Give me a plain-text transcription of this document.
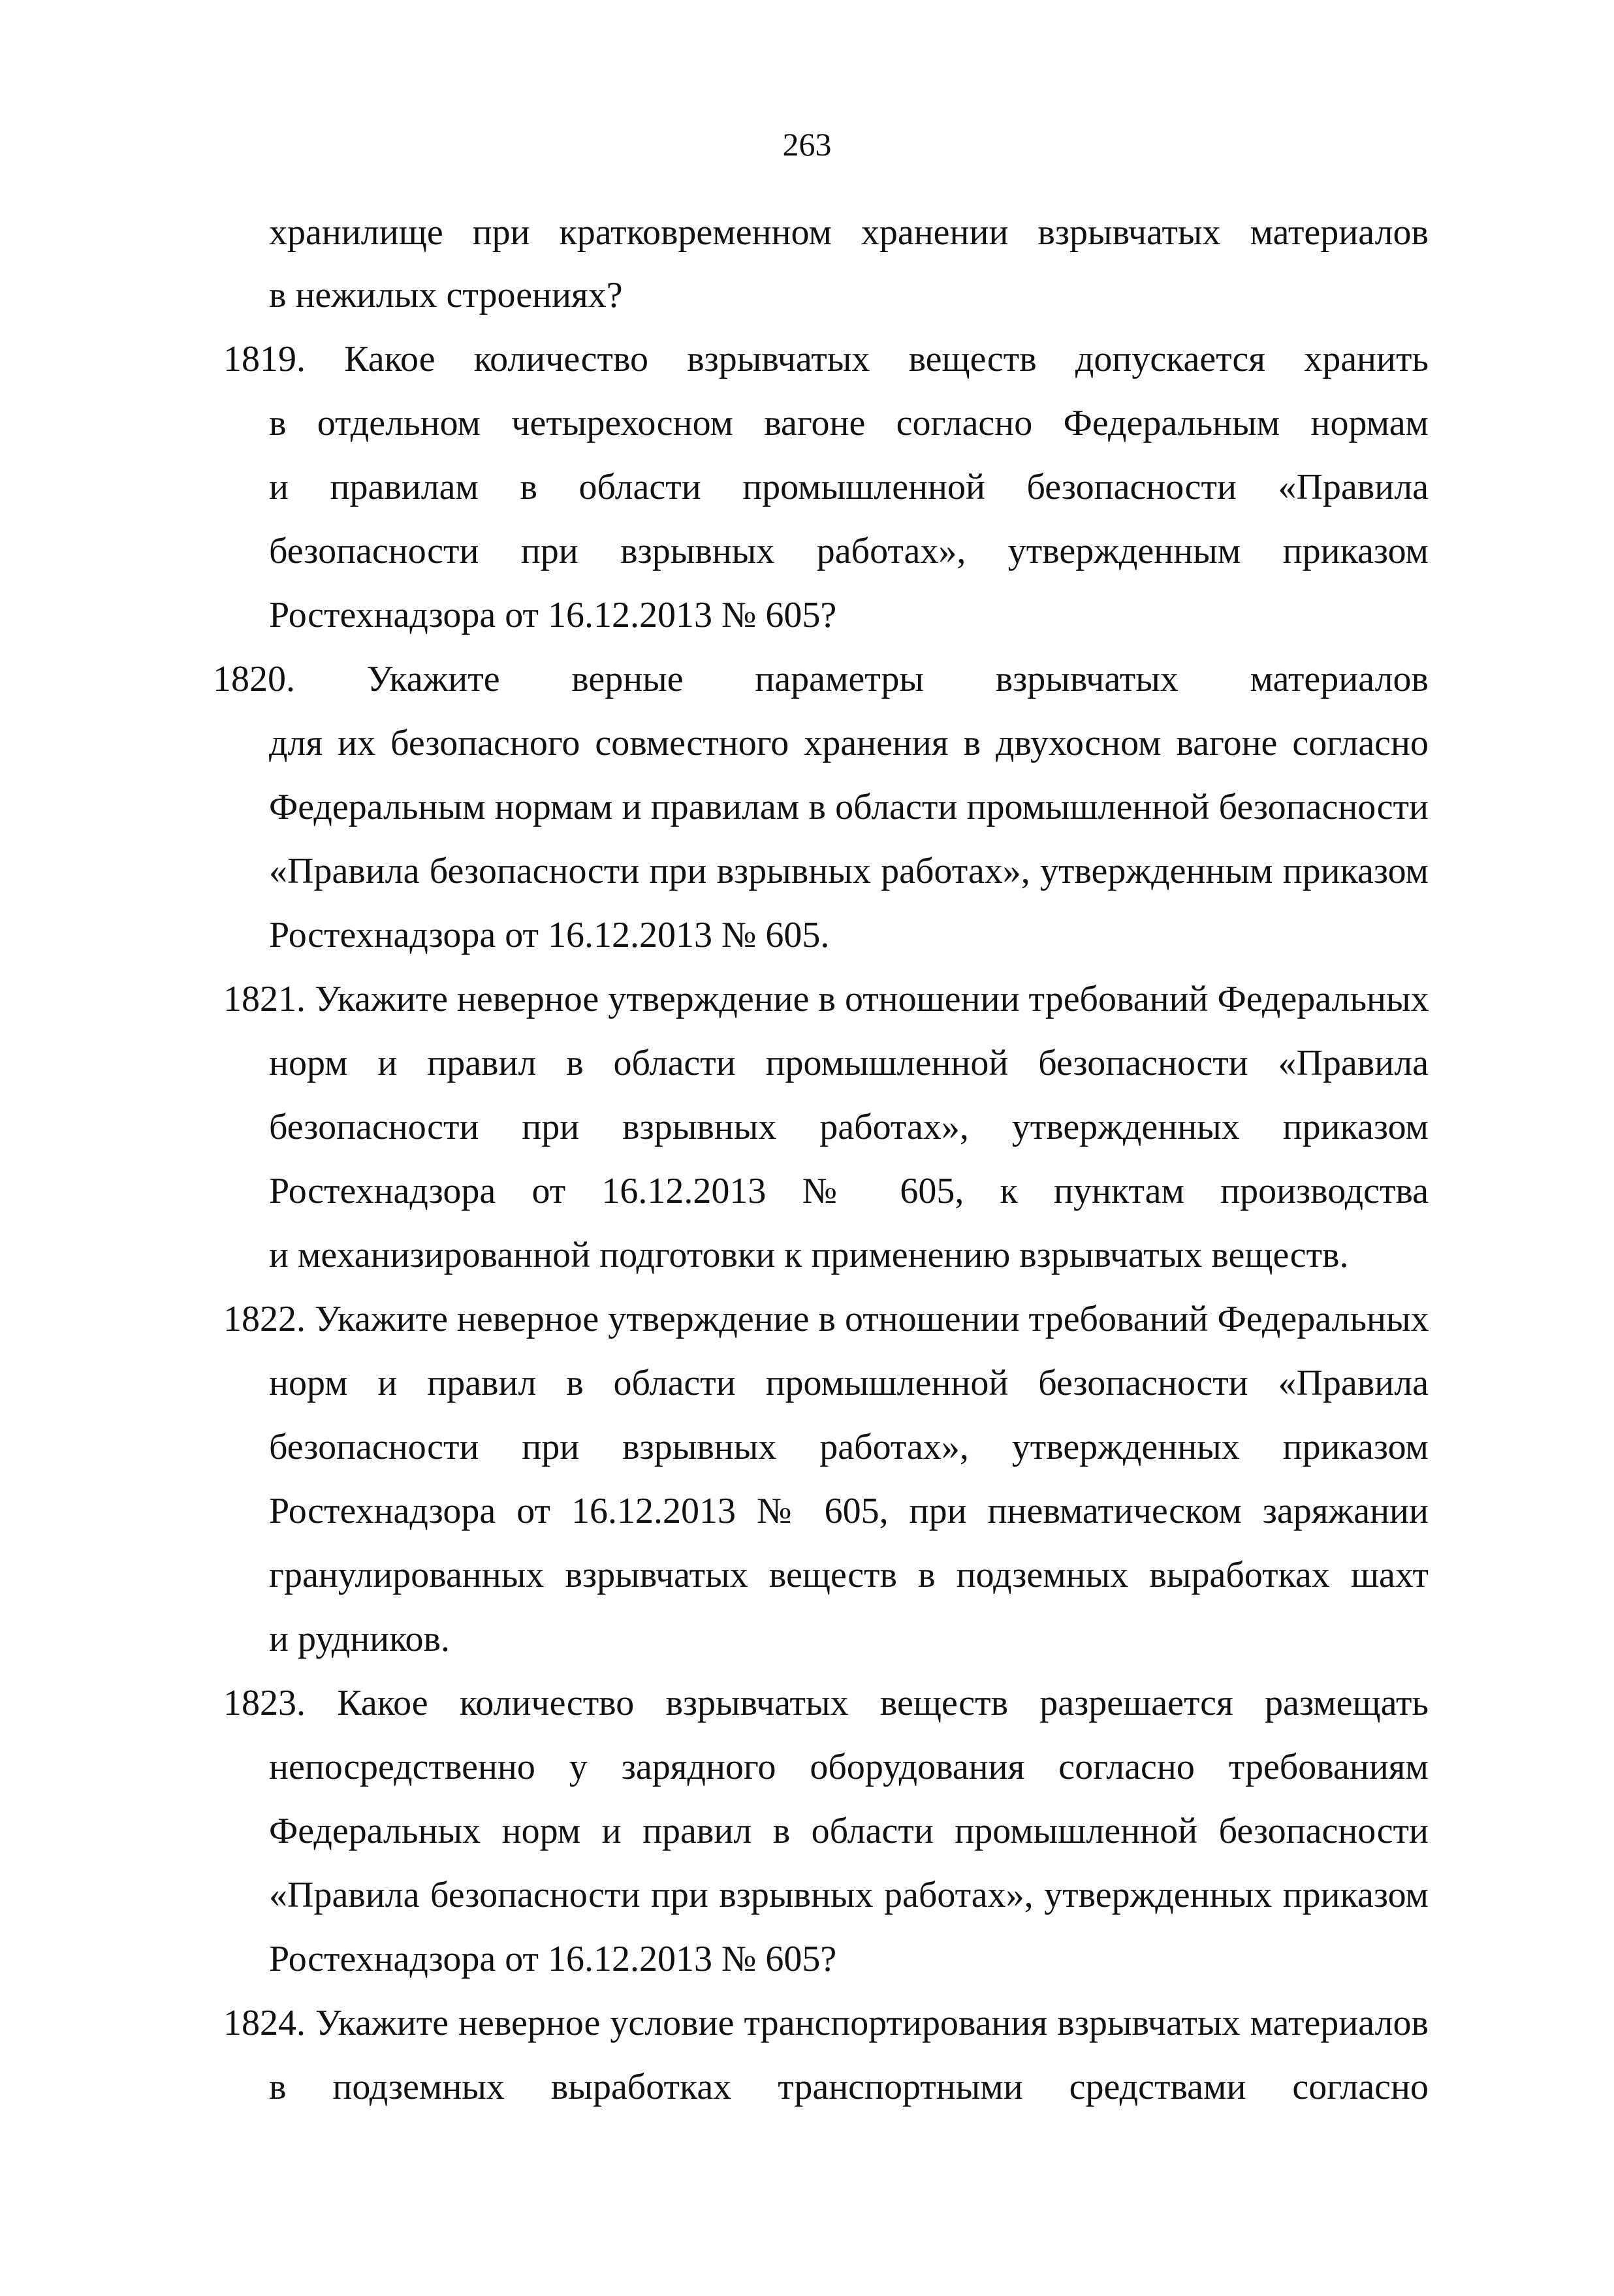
263
хранилище при кратковременном хранении взрывчатых материалов
в нежилых строениях?
1819. Какое количество взрывчатых веществ допускается хранить
в отдельном четырехосном вагоне согласно Федеральным нормам
и правилам в области промышленной безопасности «Правила
безопасности при взрывных работах», утвержденным приказом
Ростехнадзора от 16.12.2013 № 605?
1820. Укажите верные параметры взрывчатых материалов
для их безопасного совместного хранения в двухосном вагоне согласно
Федеральным нормам и правилам в области промышленной безопасности
«Правила безопасности при взрывных работах», утвержденным приказом
Ростехнадзора от 16.12.2013 № 605.
1821. Укажите неверное утверждение в отношении требований Федеральных
норм и правил в области промышленной безопасности «Правила
безопасности при взрывных работах», утвержденных приказом
Ростехнадзора от 16.12.2013 № 605, к пунктам производства
и механизированной подготовки к применению взрывчатых веществ.
1822. Укажите неверное утверждение в отношении требований Федеральных
норм и правил в области промышленной безопасности «Правила
безопасности при взрывных работах», утвержденных приказом
Ростехнадзора от 16.12.2013 № 605, при пневматическом заряжании
гранулированных взрывчатых веществ в подземных выработках шахт
и рудников.
1823. Какое количество взрывчатых веществ разрешается размещать
непосредственно у зарядного оборудования согласно требованиям
Федеральных норм и правил в области промышленной безопасности
«Правила безопасности при взрывных работах», утвержденных приказом
Ростехнадзора от 16.12.2013 № 605?
1824. Укажите неверное условие транспортирования взрывчатых материалов
в подземных выработках транспортными средствами согласно
